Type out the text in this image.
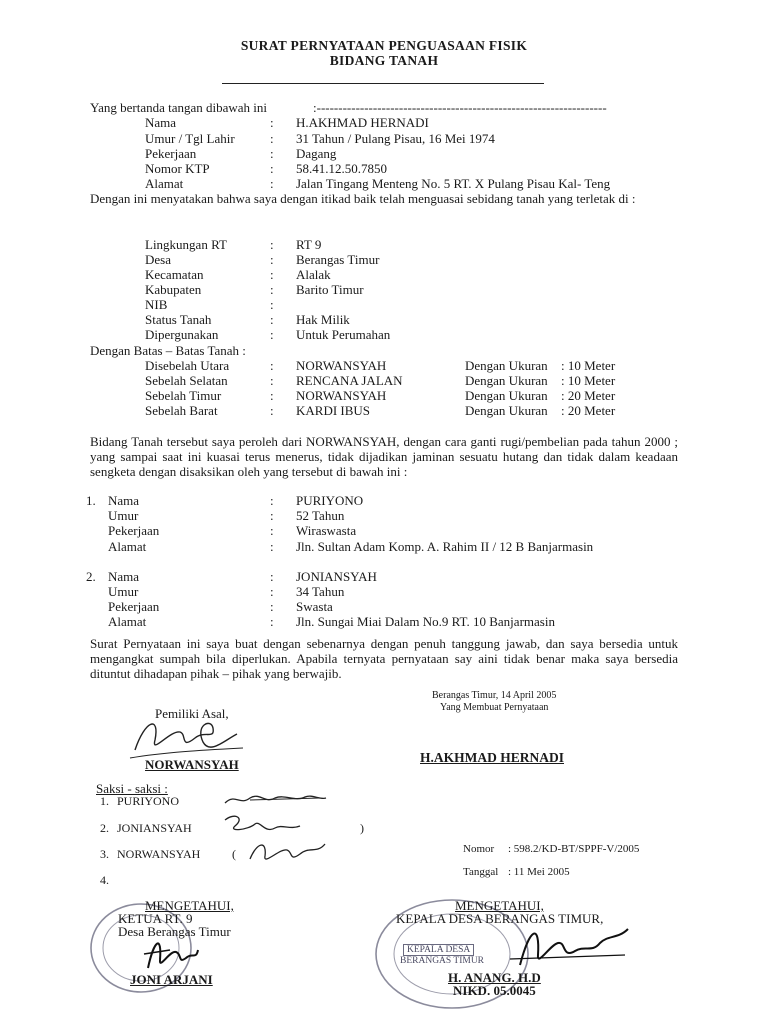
SURAT PERNYATAAN PENGUASAAN FISIK
BIDANG TANAH
Yang bertanda tangan dibawah ini	:-------------------------------------------------------------------
Nama	: H.AKHMAD HERNADI
Umur / Tgl Lahir	: 31 Tahun / Pulang Pisau, 16 Mei 1974
Pekerjaan	: Dagang
Nomor KTP	: 58.41.12.50.7850
Alamat	: Jalan Tingang Menteng No. 5 RT. X Pulang Pisau Kal- Teng
Dengan ini menyatakan bahwa saya dengan itikad baik telah menguasai sebidang tanah yang terletak di :
Lingkungan RT	: RT 9
Desa	: Berangas Timur
Kecamatan	: Alalak
Kabupaten	: Barito Timur
NIB	:
Status Tanah	: Hak Milik
Dipergunakan	: Untuk Perumahan
Dengan Batas – Batas Tanah :
Disebelah Utara	: NORWANSYAH	Dengan Ukuran : 10 Meter
Sebelah Selatan	: RENCANA JALAN	Dengan Ukuran : 10 Meter
Sebelah Timur	: NORWANSYAH	Dengan Ukuran : 20 Meter
Sebelah Barat	: KARDI IBUS	Dengan Ukuran : 20 Meter
Bidang Tanah tersebut saya peroleh dari NORWANSYAH, dengan cara ganti rugi/pembelian pada tahun 2000 ; yang sampai saat ini kuasai terus menerus, tidak dijadikan jaminan sesuatu hutang dan tidak dalam keadaan sengketa dengan disaksikan oleh yang tersebut di bawah ini :
1. Nama	: PURIYONO
Umur	: 52 Tahun
Pekerjaan	: Wiraswasta
Alamat	: Jln. Sultan Adam Komp. A. Rahim II / 12 B Banjarmasin
2. Nama	: JONIANSYAH
Umur	: 34 Tahun
Pekerjaan	: Swasta
Alamat	: Jln. Sungai Miai Dalam No.9 RT. 10 Banjarmasin
Surat Pernyataan ini saya buat dengan sebenarnya dengan penuh tanggung jawab, dan saya bersedia untuk mengangkat sumpah bila diperlukan. Apabila ternyata pernyataan say aini tidak benar maka saya bersedia dituntut dihadapan pihak – pihak yang berwajib.
Berangas Timur, 14 April 2005
Yang Membuat Pernyataan
Pemiliki Asal,
NORWANSYAH	H.AKHMAD HERNADI
Saksi - saksi :
1. PURIYONO
2. JONIANSYAH
3. NORWANSYAH
4.
)
(	Nomor : 598.2/KD-BT/SPPF-V/2005
Tanggal : 11 Mei 2005
MENGETAHUI,
KETUA RT. 9
Desa Berangas Timur
JONI ARJANI
KEPALA DESA
BERANGAS TIMUR
MENGETAHUI,
KEPALA DESA BERANGAS TIMUR,
H. ANANG. H.D
NIKD. 05.0045
